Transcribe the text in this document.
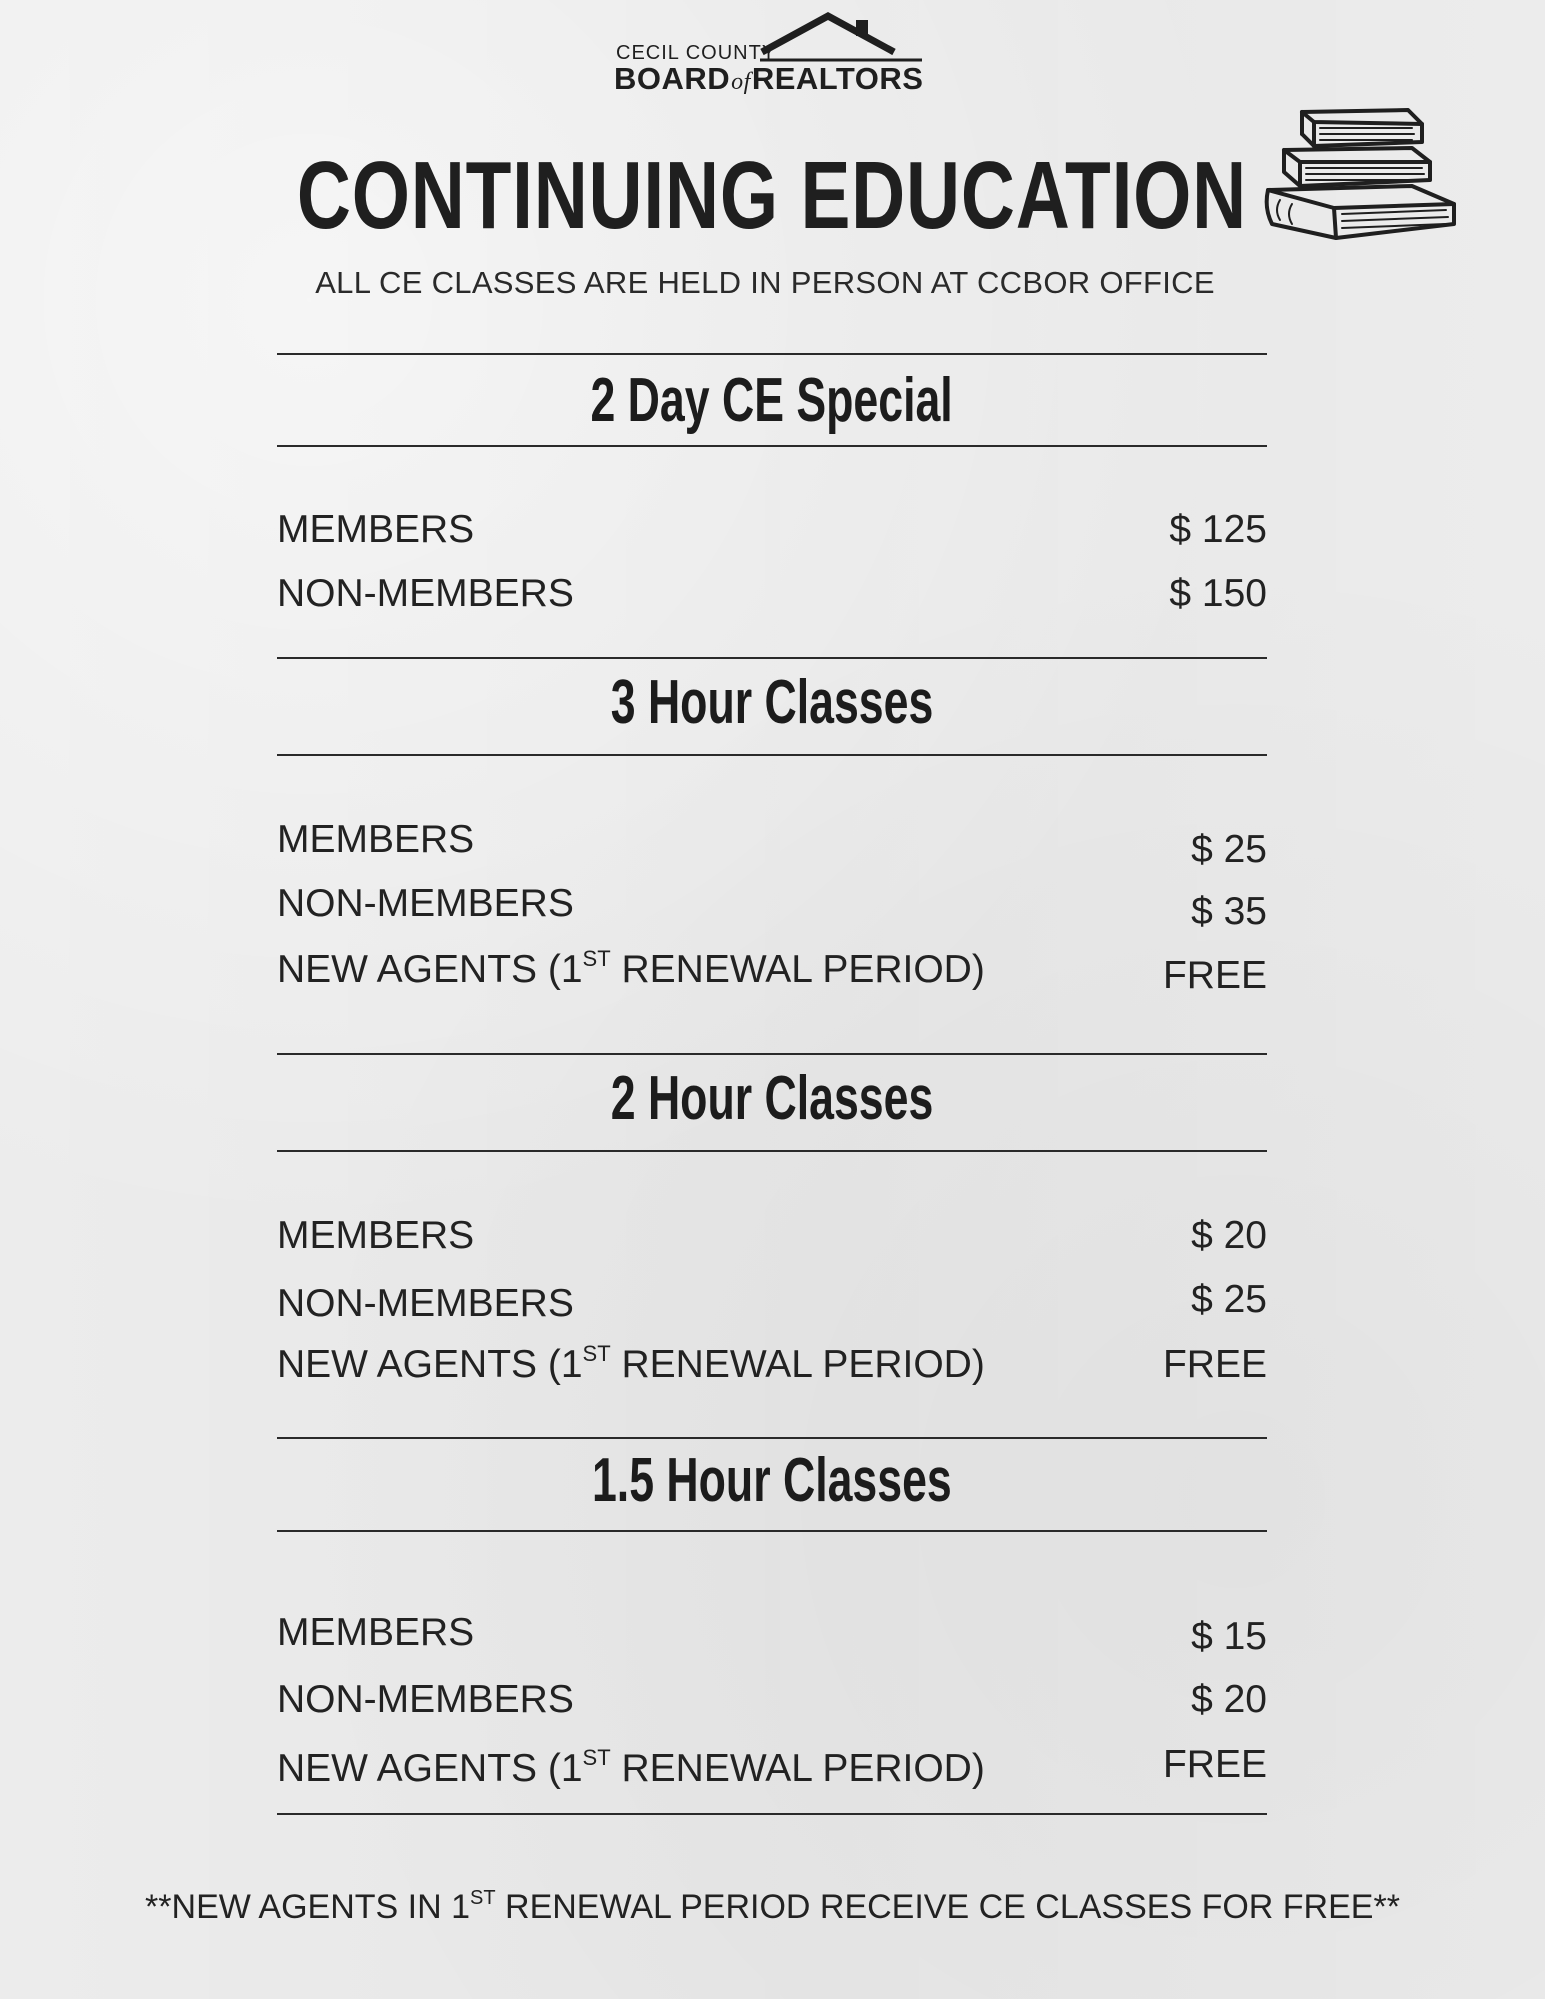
CECIL COUNTY
BOARDofREALTORS
CONTINUING EDUCATION
ALL CE CLASSES ARE HELD IN PERSON AT CCBOR OFFICE
2 Day CE Special
MEMBERS	$ 125
NON-MEMBERS	$ 150
3 Hour Classes
MEMBERS	$ 25
NON-MEMBERS	$ 35
NEW AGENTS (1ST RENEWAL PERIOD)	FREE
2 Hour Classes
MEMBERS	$ 20
NON-MEMBERS	$ 25
NEW AGENTS (1ST RENEWAL PERIOD)	FREE
1.5 Hour Classes
MEMBERS	$ 15
NON-MEMBERS	$ 20
NEW AGENTS (1ST RENEWAL PERIOD)	FREE
**NEW AGENTS IN 1ST RENEWAL PERIOD RECEIVE CE CLASSES FOR FREE**
